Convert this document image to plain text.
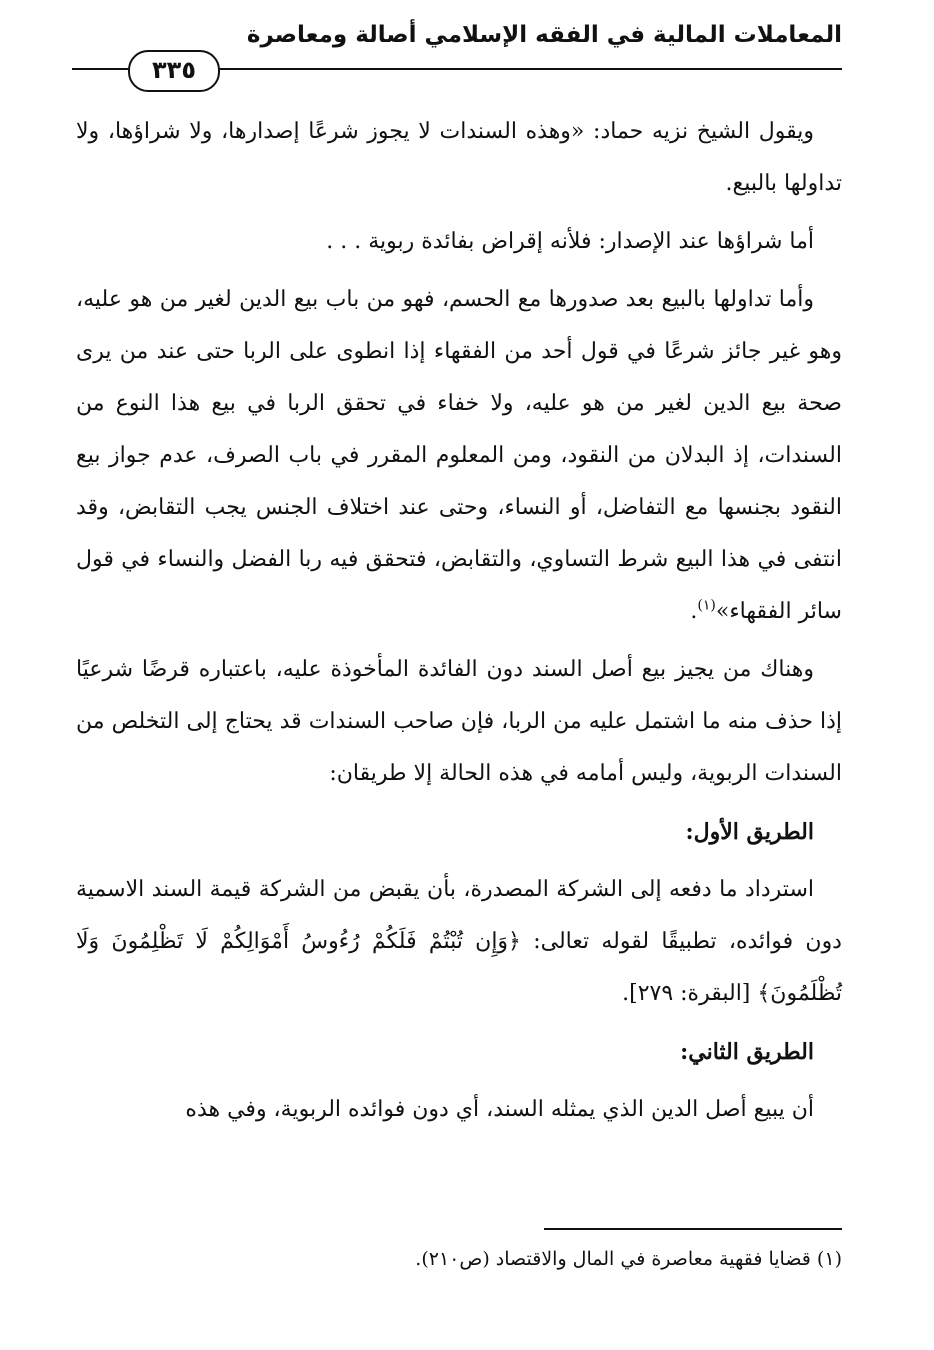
المعاملات المالية في الفقه الإسلامي أصالة ومعاصرة
٣٣٥

ويقول الشيخ نزيه حماد: «وهذه السندات لا يجوز شرعًا إصدارها، ولا شراؤها، ولا تداولها بالبيع.

أما شراؤها عند الإصدار: فلأنه إقراض بفائدة ربوية . . .

وأما تداولها بالبيع بعد صدورها مع الحسم، فهو من باب بيع الدين لغير من هو عليه، وهو غير جائز شرعًا في قول أحد من الفقهاء إذا انطوى على الربا حتى عند من يرى صحة بيع الدين لغير من هو عليه، ولا خفاء في تحقق الربا في بيع هذا النوع من السندات، إذ البدلان من النقود، ومن المعلوم المقرر في باب الصرف، عدم جواز بيع النقود بجنسها مع التفاضل، أو النساء، وحتى عند اختلاف الجنس يجب التقابض، وقد انتفى في هذا البيع شرط التساوي، والتقابض، فتحقق فيه ربا الفضل والنساء في قول سائر الفقهاء»$^{(١)}$.

وهناك من يجيز بيع أصل السند دون الفائدة المأخوذة عليه، باعتباره قرضًا شرعيًا إذا حذف منه ما اشتمل عليه من الربا، فإن صاحب السندات قد يحتاج إلى التخلص من السندات الربوية، وليس أمامه في هذه الحالة إلا طريقان:

الطريق الأول:

استرداد ما دفعه إلى الشركة المصدرة، بأن يقبض من الشركة قيمة السند الاسمية دون فوائده، تطبيقًا لقوله تعالى: ﴿وَإِن تُبْتُمْ فَلَكُمْ رُءُوسُ أَمْوَالِكُمْ لَا تَظْلِمُونَ وَلَا تُظْلَمُونَ﴾ [البقرة: ٢٧٩].

الطريق الثاني:

أن يبيع أصل الدين الذي يمثله السند، أي دون فوائده الربوية، وفي هذه

(١) قضايا فقهية معاصرة في المال والاقتصاد (ص٢١٠).
